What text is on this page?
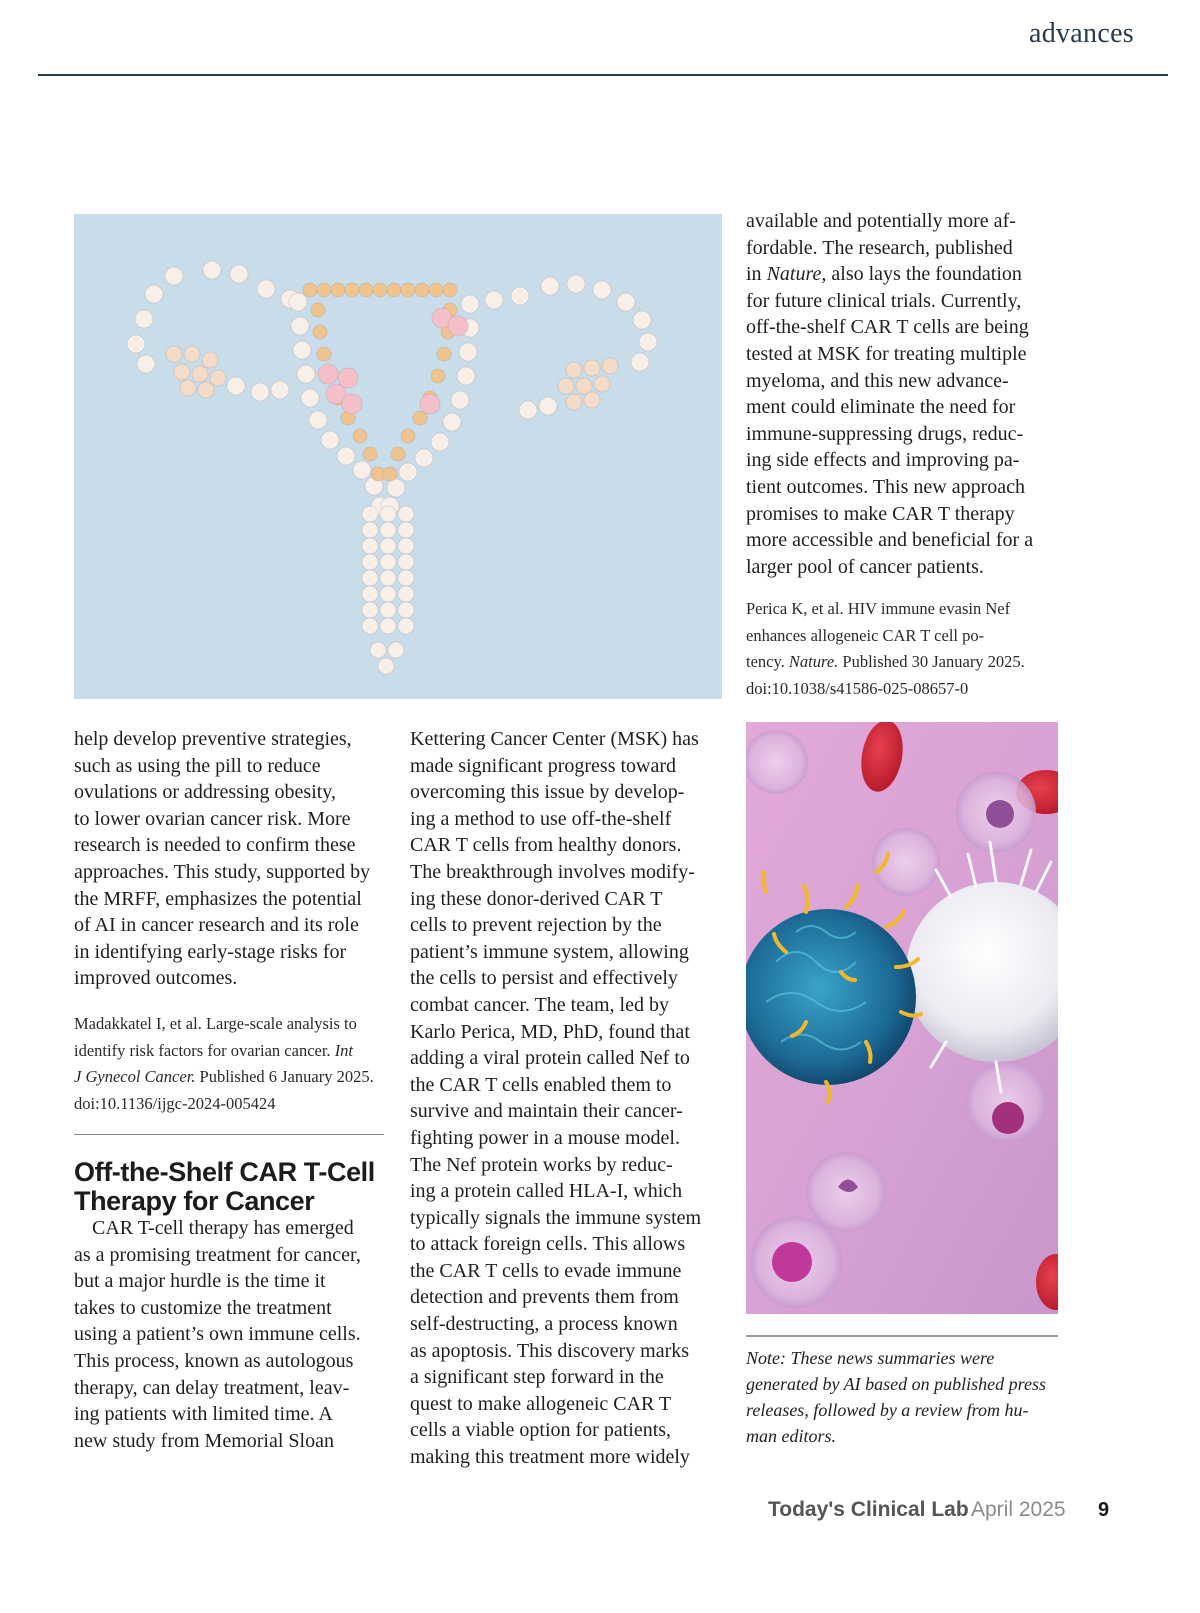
advances
available and potentially more af-
fordable. The research, published
in Nature, also lays the foundation
for future clinical trials. Currently,
off-the-shelf CAR T cells are being
tested at MSK for treating multiple
myeloma, and this new advance-
ment could eliminate the need for
immune-suppressing drugs, reduc-
ing side effects and improving pa-
tient outcomes. This new approach
promises to make CAR T therapy
more accessible and beneficial for a
larger pool of cancer patients.
Perica K, et al. HIV immune evasin Nef
enhances allogeneic CAR T cell po-
tency. Nature. Published 30 January 2025.
doi:10.1038/s41586-025-08657-0
help develop preventive strategies,
such as using the pill to reduce
ovulations or addressing obesity,
to lower ovarian cancer risk. More
research is needed to confirm these
approaches. This study, supported by
the MRFF, emphasizes the potential
of AI in cancer research and its role
in identifying early-stage risks for
improved outcomes.
Madakkatel I, et al. Large-scale analysis to
identify risk factors for ovarian cancer. Int
J Gynecol Cancer. Published 6 January 2025.
doi:10.1136/ijgc-2024-005424
Off-the-Shelf CAR T-Cell
Therapy for Cancer
CAR T-cell therapy has emerged
as a promising treatment for cancer,
but a major hurdle is the time it
takes to customize the treatment
using a patient’s own immune cells.
This process, known as autologous
therapy, can delay treatment, leav-
ing patients with limited time. A
new study from Memorial Sloan
Kettering Cancer Center (MSK) has
made significant progress toward
overcoming this issue by develop-
ing a method to use off-the-shelf
CAR T cells from healthy donors.
The breakthrough involves modify-
ing these donor-derived CAR T
cells to prevent rejection by the
patient’s immune system, allowing
the cells to persist and effectively
combat cancer. The team, led by
Karlo Perica, MD, PhD, found that
adding a viral protein called Nef to
the CAR T cells enabled them to
survive and maintain their cancer-
fighting power in a mouse model.
The Nef protein works by reduc-
ing a protein called HLA-I, which
typically signals the immune system
to attack foreign cells. This allows
the CAR T cells to evade immune
detection and prevents them from
self-destructing, a process known
as apoptosis. This discovery marks
a significant step forward in the
quest to make allogeneic CAR T
cells a viable option for patients,
making this treatment more widely
Note: These news summaries were
generated by AI based on published press
releases, followed by a review from hu-
man editors.
Today's Clinical Lab April 2025 9
